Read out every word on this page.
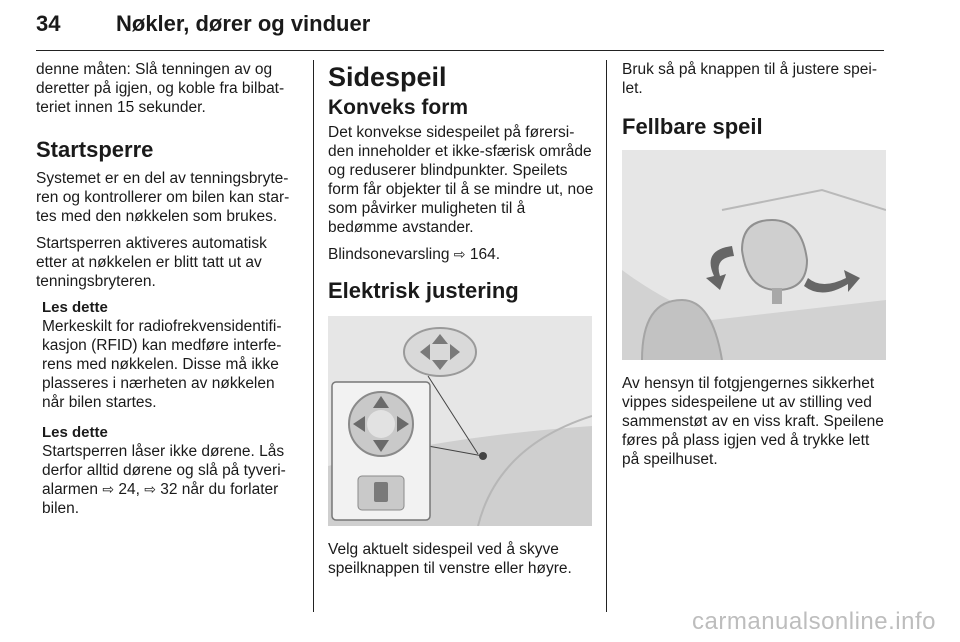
34	Nøkler, dører og vinduer

denne måten: Slå tenningen av og deretter på igjen, og koble fra bilbatteriet innen 15 sekunder.

Startsperre

Systemet er en del av tenningsbryteren og kontrollerer om bilen kan startes med den nøkkelen som brukes.

Startsperren aktiveres automatisk etter at nøkkelen er blitt tatt ut av tenningsbryteren.

Les dette

Merkeskilt for radiofrekvensidentifikasjon (RFID) kan medføre interferens med nøkkelen. Disse må ikke plasseres i nærheten av nøkkelen når bilen startes.

Les dette

Startsperren låser ikke dørene. Lås derfor alltid dørene og slå på tyverialarmen ⇨ 24, ⇨ 32 når du forlater bilen.

Sidespeil
Konveks form

Det konvekse sidespeilet på førersiden inneholder et ikke-sfærisk område og reduserer blindpunkter. Speilets form får objekter til å se mindre ut, noe som påvirker muligheten til å bedømme avstander.

Blindsonevarsling ⇨ 164.

Elektrisk justering

Velg aktuelt sidespeil ved å skyve speilknappen til venstre eller høyre.

Bruk så på knappen til å justere speilet.

Fellbare speil

Av hensyn til fotgjengernes sikkerhet vippes sidespeilene ut av stilling ved sammenstøt av en viss kraft. Speilene føres på plass igjen ved å trykke lett på speilhuset.

carmanualsonline.info
